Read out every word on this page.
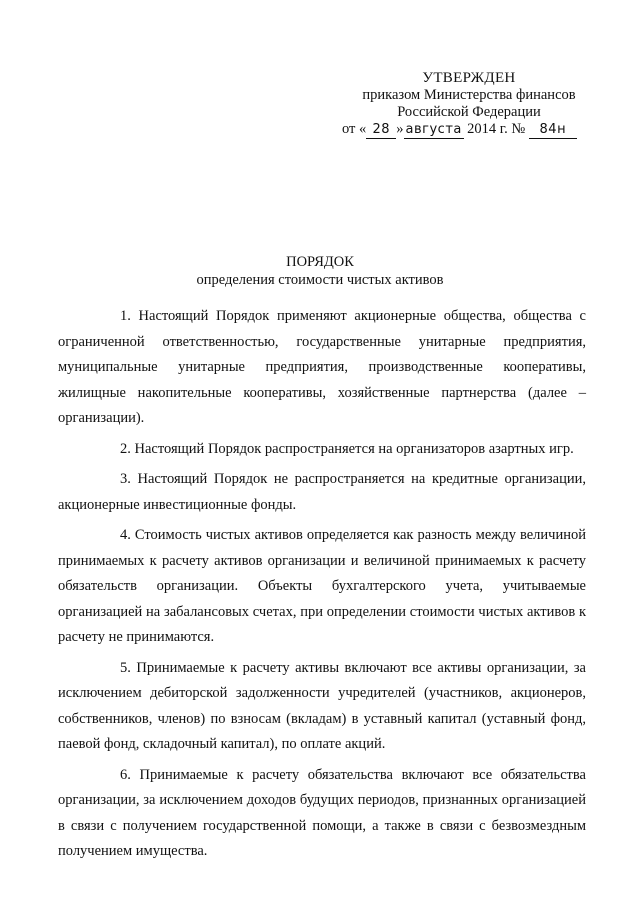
УТВЕРЖДЕН
приказом Министерства финансов
Российской Федерации
от « 28 » августа 2014 г. № 84н
ПОРЯДОК
определения стоимости чистых активов

1. Настоящий Порядок применяют акционерные общества, общества с ограниченной ответственностью, государственные унитарные предприятия, муниципальные унитарные предприятия, производственные кооперативы, жилищные накопительные кооперативы, хозяйственные партнерства (далее – организации).

2. Настоящий Порядок распространяется на организаторов азартных игр.

3. Настоящий Порядок не распространяется на кредитные организации, акционерные инвестиционные фонды.

4. Стоимость чистых активов определяется как разность между величиной принимаемых к расчету активов организации и величиной принимаемых к расчету обязательств организации. Объекты бухгалтерского учета, учитываемые организацией на забалансовых счетах, при определении стоимости чистых активов к расчету не принимаются.

5. Принимаемые к расчету активы включают все активы организации, за исключением дебиторской задолженности учредителей (участников, акционеров, собственников, членов) по взносам (вкладам) в уставный капитал (уставный фонд, паевой фонд, складочный капитал), по оплате акций.

6. Принимаемые к расчету обязательства включают все обязательства организации, за исключением доходов будущих периодов, признанных организацией в связи с получением государственной помощи, а также в связи с безвозмездным получением имущества.
